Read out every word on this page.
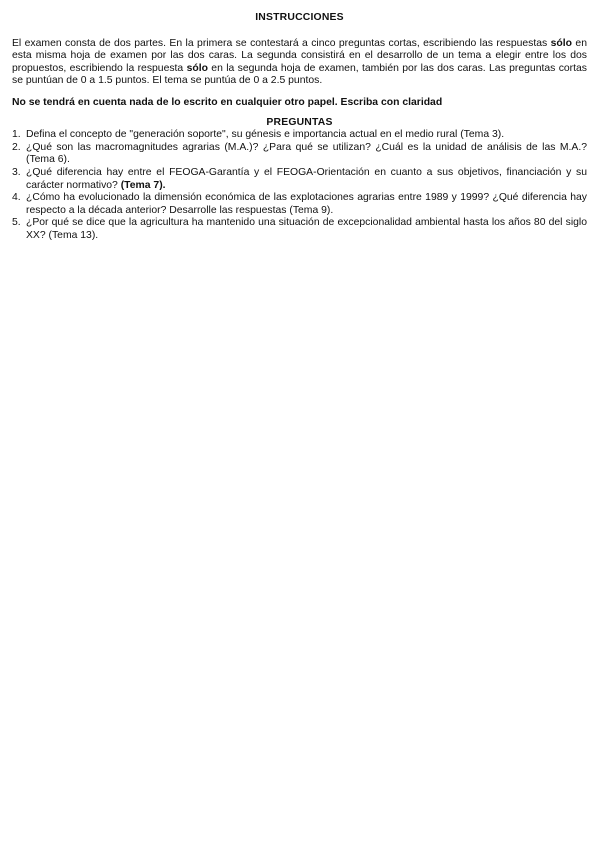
INSTRUCCIONES
El examen consta de dos partes. En la primera se contestará a cinco preguntas cortas, escribiendo las respuestas sólo en esta misma hoja de examen por las dos caras. La segunda consistirá en el desarrollo de un tema a elegir entre los dos propuestos, escribiendo la respuesta sólo en la segunda hoja de examen, también por las dos caras. Las preguntas cortas se puntúan de 0 a 1.5 puntos. El tema se puntúa de 0 a 2.5 puntos.
No se tendrá en cuenta nada de lo escrito en cualquier otro papel. Escriba con claridad
PREGUNTAS
1. Defina el concepto de "generación soporte", su génesis e importancia actual en el medio rural (Tema 3).
2. ¿Qué son las macromagnitudes agrarias (M.A.)? ¿Para qué se utilizan? ¿Cuál es la unidad de análisis de las M.A.? (Tema 6).
3. ¿Qué diferencia hay entre el FEOGA-Garantía y el FEOGA-Orientación en cuanto a sus objetivos, financiación y su carácter normativo? (Tema 7).
4. ¿Cómo ha evolucionado la dimensión económica de las explotaciones agrarias entre 1989 y 1999? ¿Qué diferencia hay respecto a la década anterior? Desarrolle las respuestas (Tema 9).
5. ¿Por qué se dice que la agricultura ha mantenido una situación de excepcionalidad ambiental hasta los años 80 del siglo XX? (Tema 13).
